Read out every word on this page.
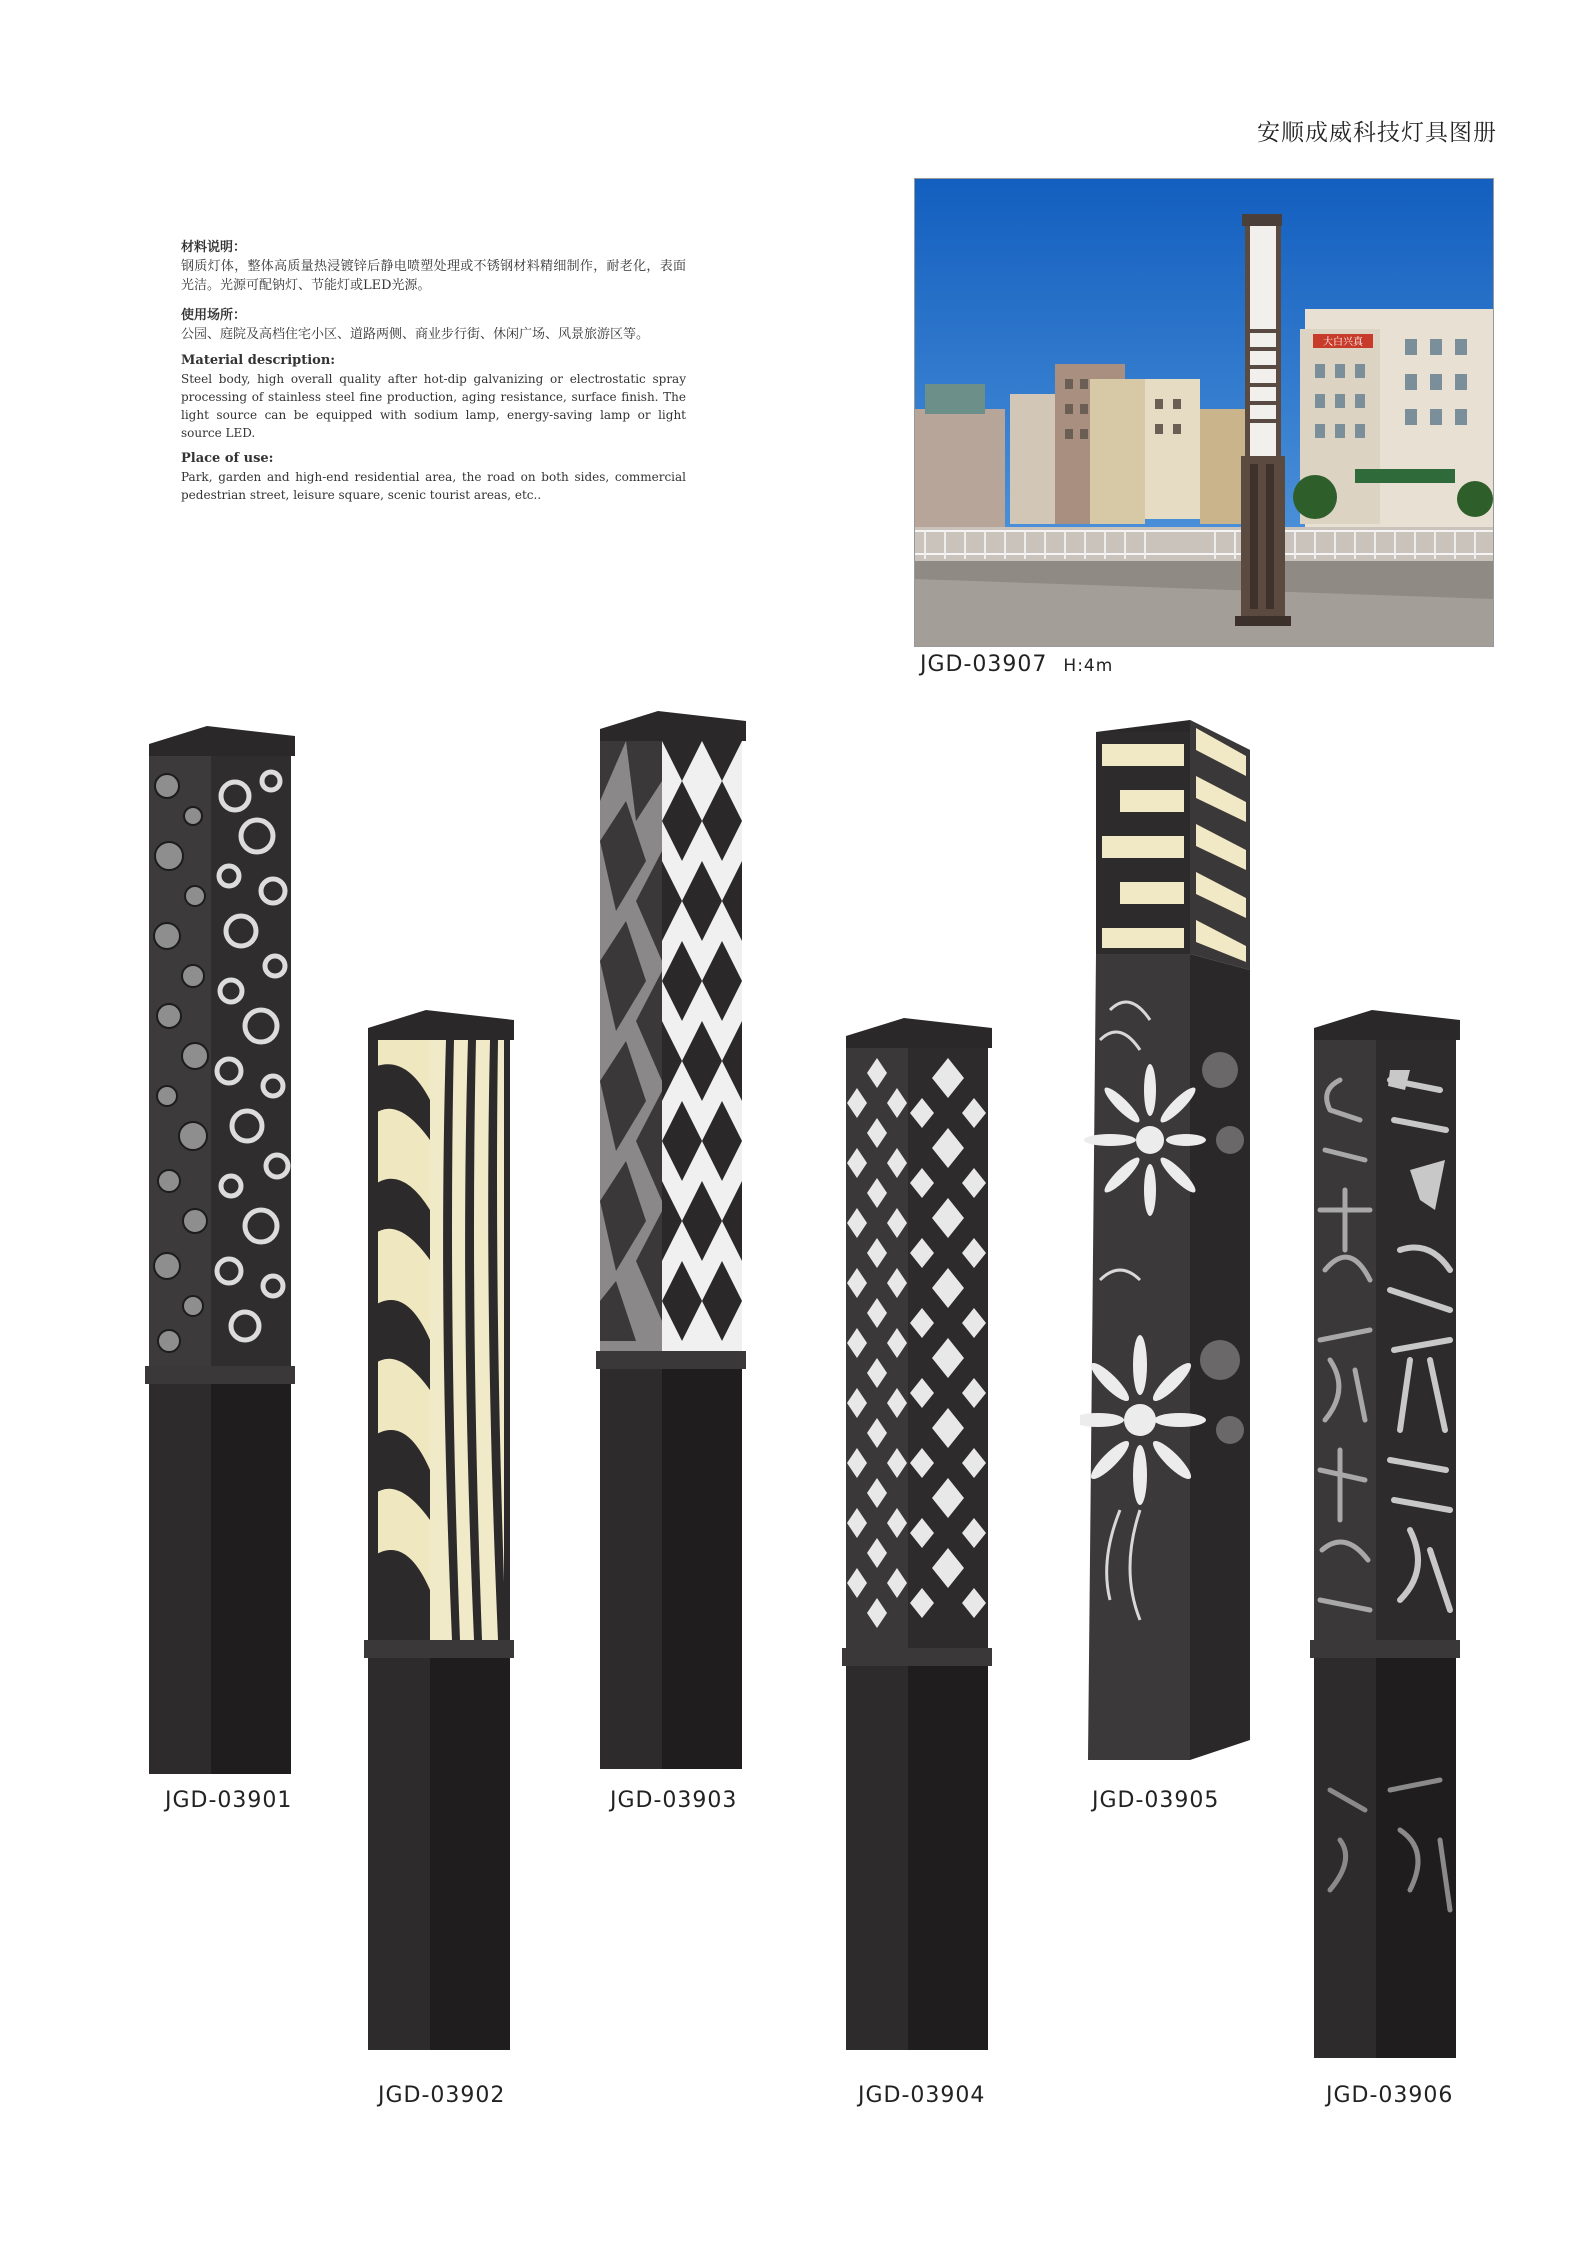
安顺成威科技灯具图册
材料说明：
钢质灯体，整体高质量热浸镀锌后静电喷塑处理或不锈钢材料精细制作，耐老化，表面光洁。光源可配钠灯、节能灯或LED光源。
使用场所：
公园、庭院及高档住宅小区、道路两侧、商业步行街、休闲广场、风景旅游区等。
Material description:
Steel body, high overall quality after hot-dip galvanizing or electrostatic spray processing of stainless steel fine production, aging resistance, surface finish. The light source can be equipped with sodium lamp, energy-saving lamp or light source LED.
Place of use:
Park, garden and high-end residential area, the road on both sides, commercial pedestrian street, leisure square, scenic tourist areas, etc..
大白兴真
JGD-03907 H:4m
JGD-03901
JGD-03902
JGD-03903
JGD-03904
JGD-03905
JGD-03906
